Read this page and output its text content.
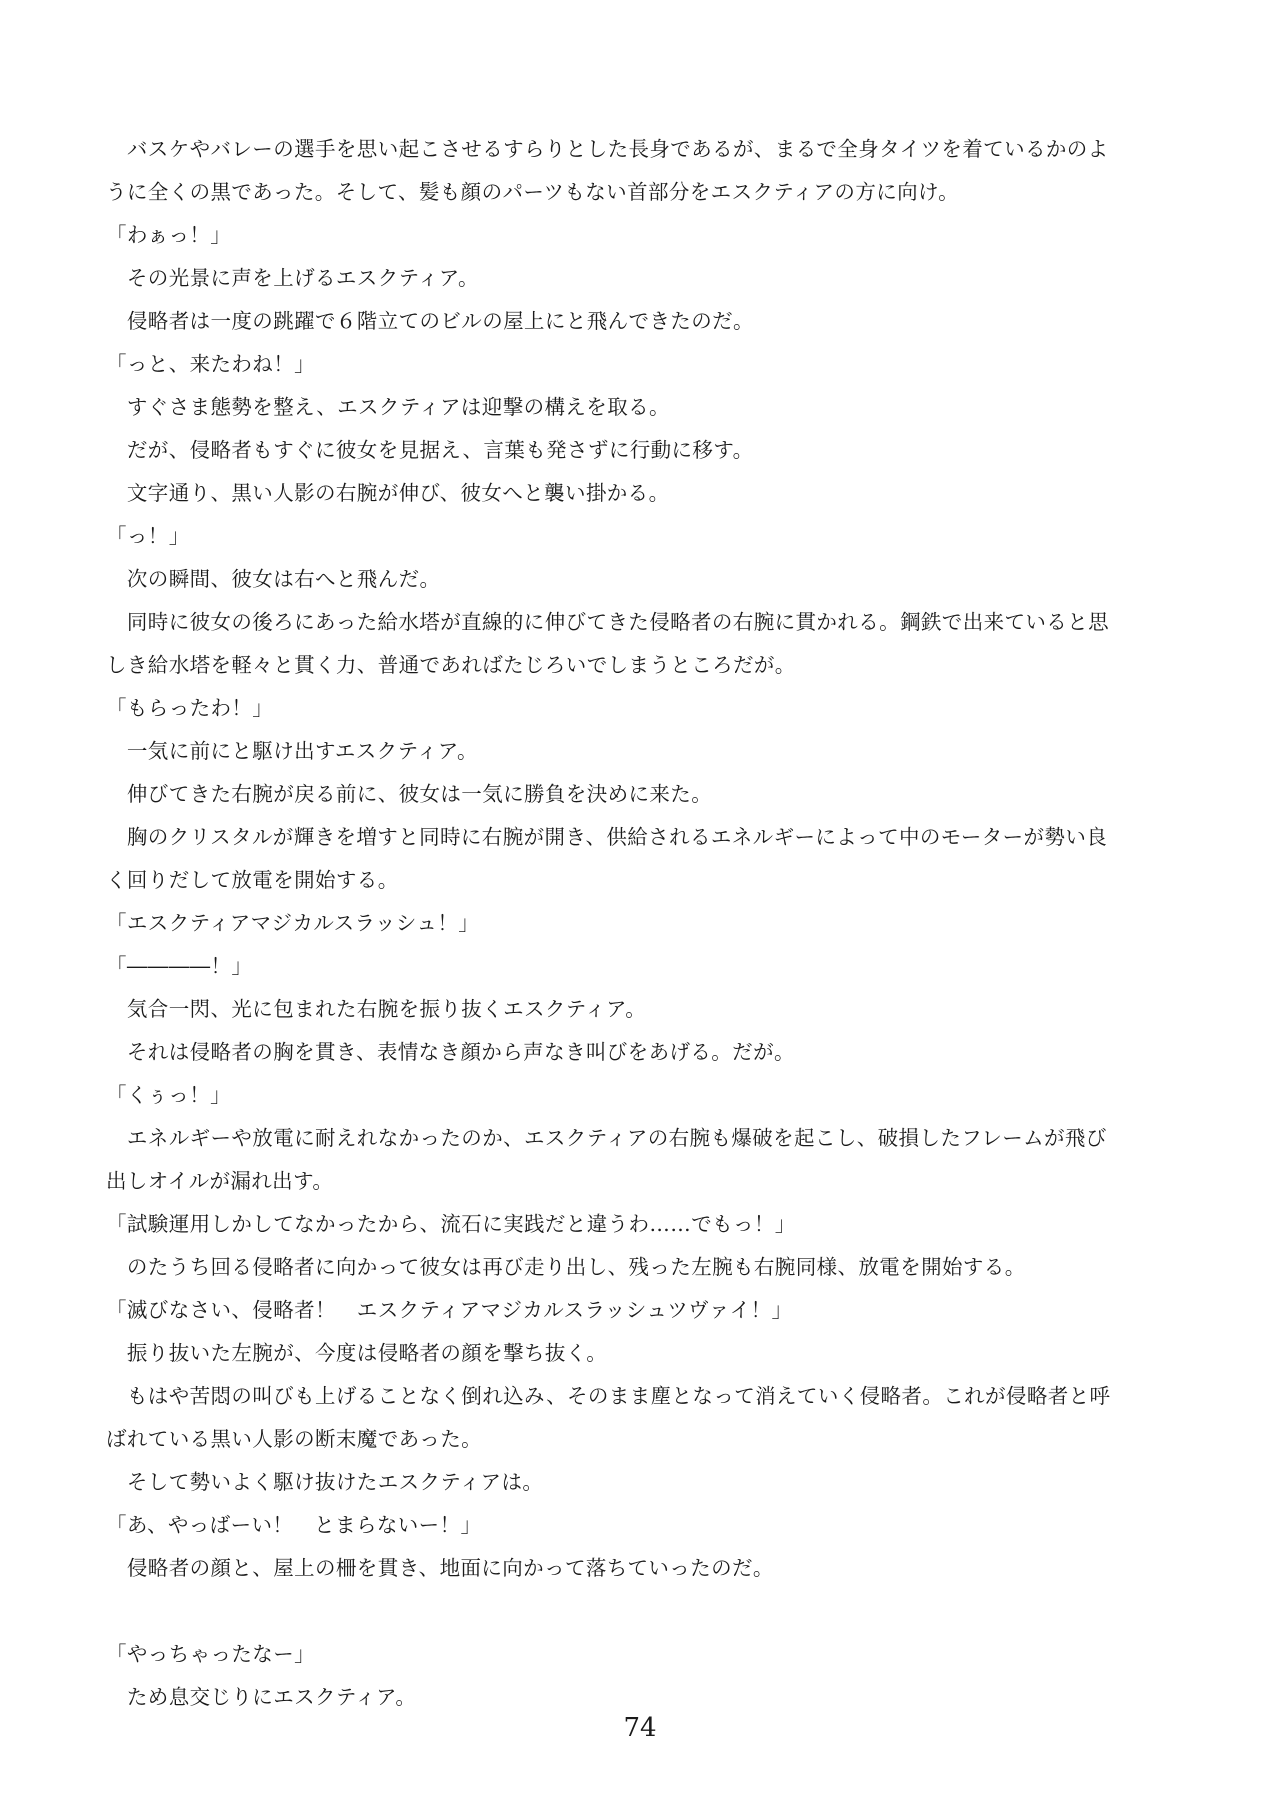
　バスケやバレーの選手を思い起こさせるすらりとした長身であるが、まるで全身タイツを着ているかのよ

うに全くの黒であった。そして、髪も顔のパーツもない首部分をエスクティアの方に向け。

「わぁっ！」

　その光景に声を上げるエスクティア。

　侵略者は一度の跳躍で６階立てのビルの屋上にと飛んできたのだ。

「っと、来たわね！」

　すぐさま態勢を整え、エスクティアは迎撃の構えを取る。

　だが、侵略者もすぐに彼女を見据え、言葉も発さずに行動に移す。

　文字通り、黒い人影の右腕が伸び、彼女へと襲い掛かる。

「っ！」

　次の瞬間、彼女は右へと飛んだ。

　同時に彼女の後ろにあった給水塔が直線的に伸びてきた侵略者の右腕に貫かれる。鋼鉄で出来ていると思

しき給水塔を軽々と貫く力、普通であればたじろいでしまうところだが。

「もらったわ！」

　一気に前にと駆け出すエスクティア。

　伸びてきた右腕が戻る前に、彼女は一気に勝負を決めに来た。

　胸のクリスタルが輝きを増すと同時に右腕が開き、供給されるエネルギーによって中のモーターが勢い良

く回りだして放電を開始する。

「エスクティアマジカルスラッシュ！」

「――――！」

　気合一閃、光に包まれた右腕を振り抜くエスクティア。

　それは侵略者の胸を貫き、表情なき顔から声なき叫びをあげる。だが。

「くぅっ！」

　エネルギーや放電に耐えれなかったのか、エスクティアの右腕も爆破を起こし、破損したフレームが飛び

出しオイルが漏れ出す。

「試験運用しかしてなかったから、流石に実践だと違うわ……でもっ！」

　のたうち回る侵略者に向かって彼女は再び走り出し、残った左腕も右腕同様、放電を開始する。

「滅びなさい、侵略者！　エスクティアマジカルスラッシュツヴァイ！」

　振り抜いた左腕が、今度は侵略者の顔を撃ち抜く。

　もはや苦悶の叫びも上げることなく倒れ込み、そのまま塵となって消えていく侵略者。これが侵略者と呼

ばれている黒い人影の断末魔であった。

　そして勢いよく駆け抜けたエスクティアは。

「あ、やっばーい！　とまらないー！」

　侵略者の顔と、屋上の柵を貫き、地面に向かって落ちていったのだ。

「やっちゃったなー」

　ため息交じりにエスクティア。

74
